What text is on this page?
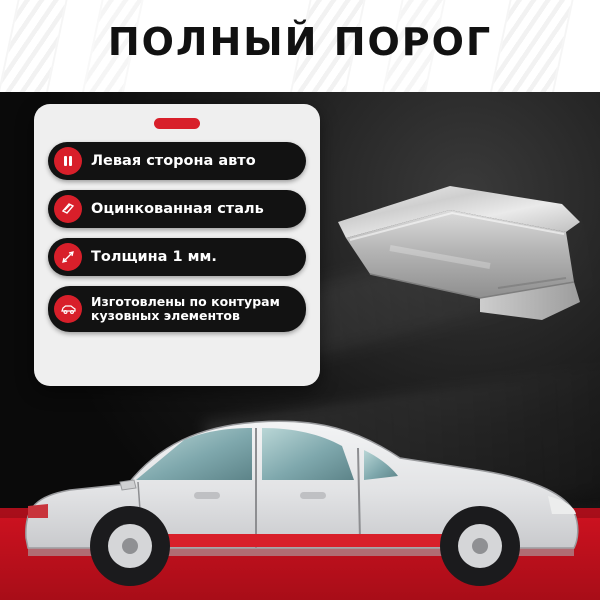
Левая сторона авто
Оцинкованная сталь
Толщина 1 мм.
Изготовлены по контурам
кузовных элементов
ПОЛНЫЙ ПОРОГ
